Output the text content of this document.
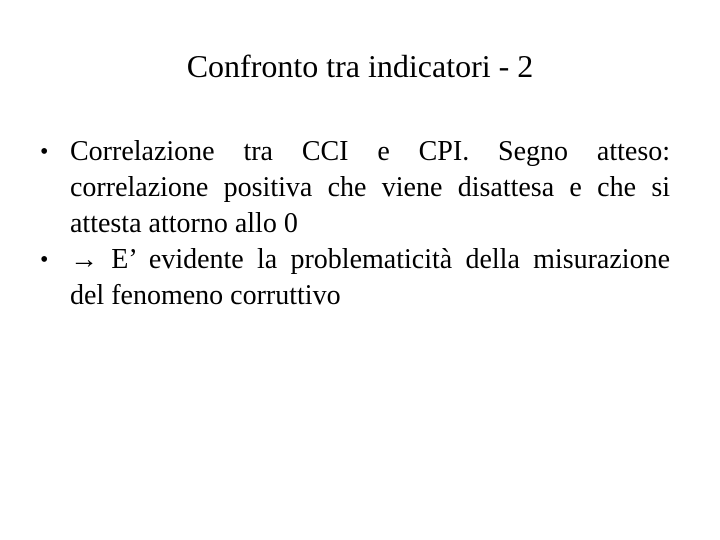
Confronto tra indicatori - 2
• Correlazione tra CCI e CPI. Segno atteso: correlazione positiva che viene disattesa e che si attesta attorno allo 0
• → E’ evidente la problematicità della misurazione del fenomeno corruttivo
